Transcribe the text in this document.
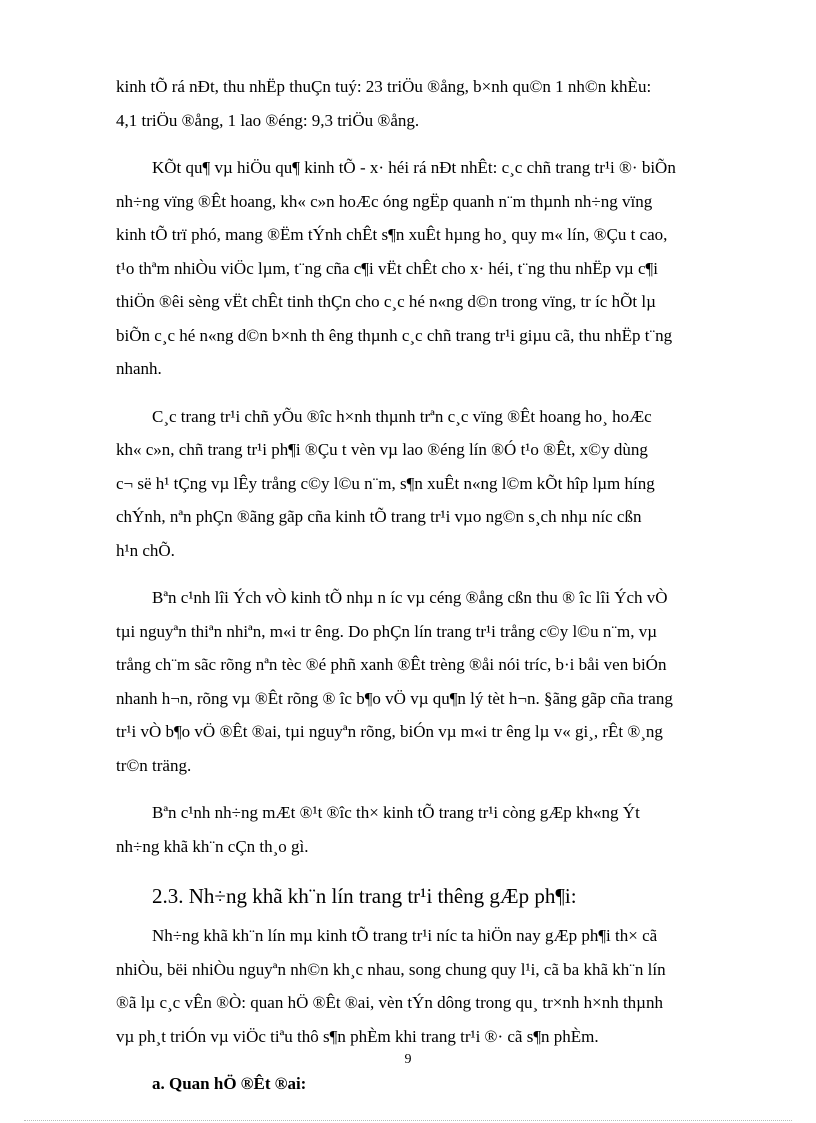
kinh tÕ rá nÐt, thu nhËp thuÇn tuý: 23 triÖu ®ång, b×nh qu©n 1 nh©n khÈu:
4,1 triÖu ®ång, 1 lao ®éng: 9,3 triÖu ®ång.
KÕt qu¶ vµ hiÖu qu¶ kinh tÕ - x· héi rá nÐt nhÊt: c¸c chñ trang tr¹i ®· biÕn
nh÷ng vïng ®Êt hoang, kh« c»n hoÆc óng ngËp quanh n¨m thµnh nh÷ng vïng
kinh tÕ trï phó, mang ®Ëm tÝnh chÊt s¶n xuÊt hµng ho¸ quy m« lín, ®Çu t cao,
t¹o thªm nhiÒu viÖc lµm, t¨ng cña c¶i vËt chÊt cho x· héi, t¨ng thu nhËp vµ c¶i
thiÖn ®êi sèng vËt chÊt tinh thÇn cho c¸c hé n«ng d©n trong vïng, tr íc hÕt lµ
biÕn c¸c hé n«ng d©n b×nh th êng thµnh c¸c chñ trang tr¹i giµu cã, thu nhËp t¨ng
nhanh.
C¸c trang tr¹i chñ yÕu ®îc h×nh thµnh trªn c¸c vïng ®Êt hoang ho¸ hoÆc
kh« c»n, chñ trang tr¹i ph¶i ®Çu t vèn vµ lao ®éng lín ®Ó t¹o ®Êt, x©y dùng
c¬ së h¹ tÇng vµ lÊy trång c©y l©u n¨m, s¶n xuÊt n«ng l©m kÕt hîp lµm híng
chÝnh, nªn phÇn ®ãng gãp cña kinh tÕ trang tr¹i vµo ng©n s¸ch nhµ níc cßn
h¹n chÕ.
Bªn c¹nh lîi Ých vÒ kinh tÕ nhµ n íc vµ céng ®ång cßn thu ® îc lîi Ých vÒ
tµi nguyªn thiªn nhiªn, m«i tr êng. Do phÇn lín trang tr¹i trång c©y l©u n¨m, vµ
trång ch¨m sãc rõng nªn tèc ®é phñ xanh ®Êt trèng ®åi nói tríc, b·i båi ven biÓn
nhanh h¬n, rõng vµ ®Êt rõng ® îc b¶o vÖ vµ qu¶n lý tèt h¬n. §ãng gãp cña trang
tr¹i vÒ b¶o vÖ ®Êt ®ai, tµi nguyªn rõng, biÓn vµ m«i tr êng lµ v« gi¸, rÊt ®¸ng
tr©n träng.
Bªn c¹nh nh÷ng mÆt ®¹t ®îc th× kinh tÕ trang tr¹i còng gÆp kh«ng Ýt
nh÷ng khã kh¨n cÇn th¸o gì.
2.3. Nh÷ng khã kh¨n lín trang tr¹i thêng gÆp ph¶i:
Nh÷ng khã kh¨n lín mµ kinh tÕ trang tr¹i níc ta hiÖn nay gÆp ph¶i th× cã
nhiÒu, bëi nhiÒu nguyªn nh©n kh¸c nhau, song chung quy l¹i, cã ba khã kh¨n lín
®ã lµ c¸c vÊn ®Ò: quan hÖ ®Êt ®ai, vèn tÝn dông trong qu¸ tr×nh h×nh thµnh
vµ ph¸t triÓn vµ viÖc tiªu thô s¶n phÈm khi trang tr¹i ®· cã s¶n phÈm.
a. Quan hÖ ®Êt ®ai:
9
